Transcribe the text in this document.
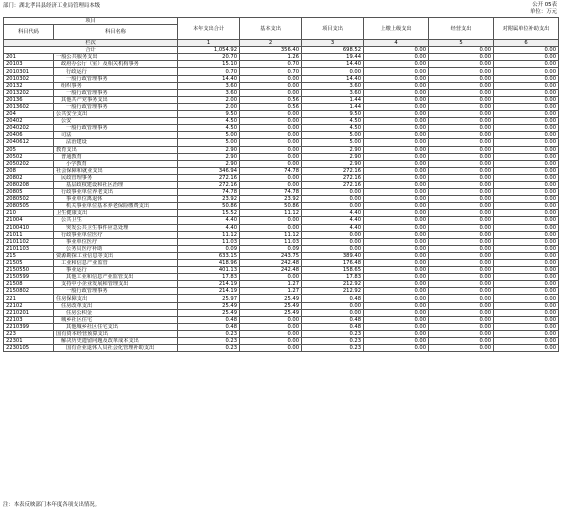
部门：湖北孝昌县经济工业局管理局本级	公开 05表
单位：万元
项目		本年支出合计	基本支出	项目支出	上缴上级支出	经营支出	对附属单位补助支出
科目代码	科目名称						
栏次		1	2	3	4	5	6
合计		1,054.92	356.40	698.52	0.00	0.00	0.00
201	一般公共服务支出	20.70	1.26	19.44	0.00	0.00	0.00
20103	政府办公厅（室）及相关机构事务	15.10	0.70	14.40	0.00	0.00	0.00
2010301	行政运行	0.70	0.70	0.00	0.00	0.00	0.00
2010302	一般行政管理事务	14.40	0.00	14.40	0.00	0.00	0.00
20132	组织事务	3.60	0.00	3.60	0.00	0.00	0.00
2013202	一般行政管理事务	3.60	0.00	3.60	0.00	0.00	0.00
20136	其他共产党事务支出	2.00	0.56	1.44	0.00	0.00	0.00
2013602	一般行政管理事务	2.00	0.56	1.44	0.00	0.00	0.00
204	公共安全支出	9.50	0.00	9.50	0.00	0.00	0.00
20402	公安	4.50	0.00	4.50	0.00	0.00	0.00
2040202	一般行政管理事务	4.50	0.00	4.50	0.00	0.00	0.00
20406	司法	5.00	0.00	5.00	0.00	0.00	0.00
2040612	法治建设	5.00	0.00	5.00	0.00	0.00	0.00
205	教育支出	2.90	0.00	2.90	0.00	0.00	0.00
20502	普通教育	2.90	0.00	2.90	0.00	0.00	0.00
2050202	小学教育	2.90	0.00	2.90	0.00	0.00	0.00
208	社会保障和就业支出	346.94	74.78	272.16	0.00	0.00	0.00
20802	民政管理事务	272.16	0.00	272.16	0.00	0.00	0.00
2080208	基层政权建设和社区治理	272.16	0.00	272.16	0.00	0.00	0.00
20805	行政事业单位养老支出	74.78	74.78	0.00	0.00	0.00	0.00
2080502	事业单位离退休	23.92	23.92	0.00	0.00	0.00	0.00
2080505	机关事业单位基本养老保险缴费支出	50.86	50.86	0.00	0.00	0.00	0.00
210	卫生健康支出	15.52	11.12	4.40	0.00	0.00	0.00
21004	公共卫生	4.40	0.00	4.40	0.00	0.00	0.00
2100410	突发公共卫生事件应急处理	4.40	0.00	4.40	0.00	0.00	0.00
21011	行政事业单位医疗	11.12	11.12	0.00	0.00	0.00	0.00
2101102	事业单位医疗	11.03	11.03	0.00	0.00	0.00	0.00
2101103	公务员医疗补助	0.09	0.09	0.00	0.00	0.00	0.00
215	资源勘探工业信息等支出	633.15	243.75	389.40	0.00	0.00	0.00
21505	工业和信息产业监管	418.96	242.48	176.48	0.00	0.00	0.00
2150550	事业运行	401.13	242.48	158.65	0.00	0.00	0.00
2150599	其他工业和信息产业监管支出	17.83	0.00	17.83	0.00	0.00	0.00
21508	支持中小企业发展和管理支出	214.19	1.27	212.92	0.00	0.00	0.00
2150802	一般行政管理事务	214.19	1.27	212.92	0.00	0.00	0.00
221	住房保障支出	25.97	25.49	0.48	0.00	0.00	0.00
22102	住房改革支出	25.49	25.49	0.00	0.00	0.00	0.00
2210201	住房公积金	25.49	25.49	0.00	0.00	0.00	0.00
22103	城乡社区住宅	0.48	0.00	0.48	0.00	0.00	0.00
2210399	其他城乡社区住宅支出	0.48	0.00	0.48	0.00	0.00	0.00
223	国有资本经营预算支出	0.23	0.00	0.23	0.00	0.00	0.00
22301	解决历史遗留问题及改革成本支出	0.23	0.00	0.23	0.00	0.00	0.00
2230105	国有企业退休人员社会化管理补助支出	0.23	0.00	0.23	0.00	0.00	0.00
注：本表反映部门本年度各项支出情况。
